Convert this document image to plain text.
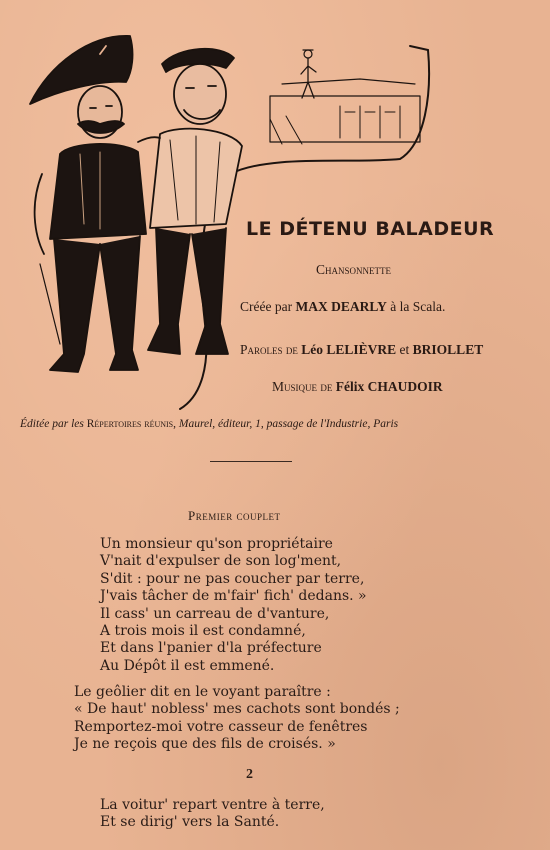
LE DÉTENU BALADEUR
Chansonnette
Créée par MAX DEARLY à la Scala.
Paroles de Léo LELIÈVRE et BRIOLLET
Musique de Félix CHAUDOIR
Éditée par les Répertoires réunis, Maurel, éditeur, 1, passage de l'Industrie, Paris
Premier couplet
Un monsieur qu'son propriétaire
V'nait d'expulser de son log'ment,
S'dit : pour ne pas coucher par terre,
J'vais tâcher de m'fair' fich' dedans. »
Il cass' un carreau de d'vanture,
A trois mois il est condamné,
Et dans l'panier d'la préfecture
Au Dépôt il est emmené.
Le geôlier dit en le voyant paraître :
« De haut' nobless' mes cachots sont bondés ;
Remportez-moi votre casseur de fenêtres
Je ne reçois que des fils de croisés. »
2
La voitur' repart ventre à terre,
Et se dirig' vers la Santé.
